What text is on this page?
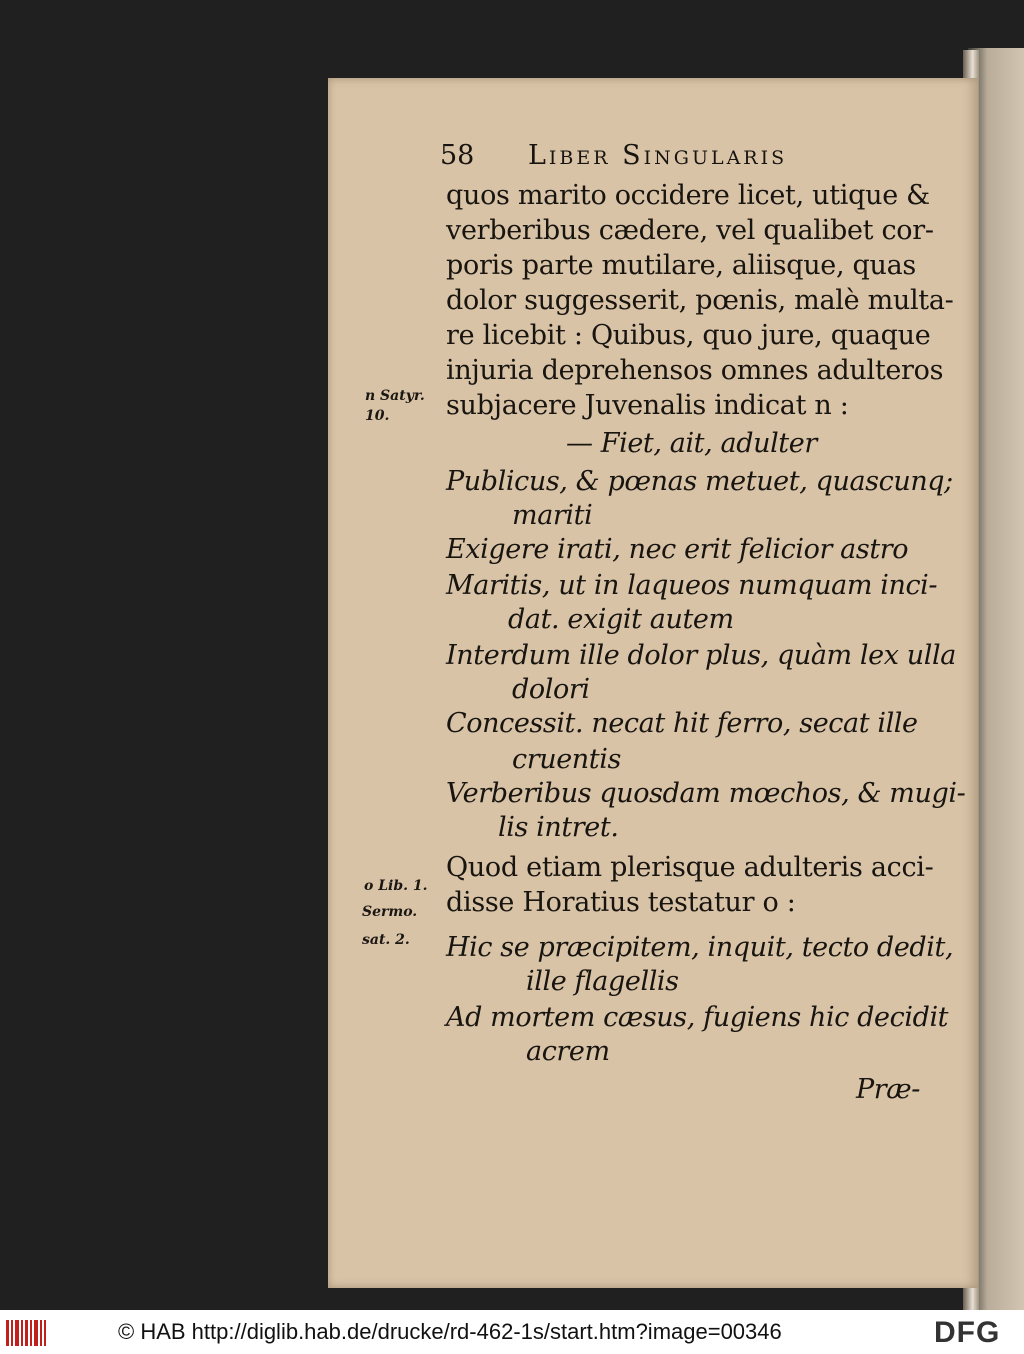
58 Liber Singularis
quos marito occidere licet, utique &
verberibus cædere, vel qualibet cor-
poris parte mutilare, aliisque, quas
dolor suggesserit, pœnis, malè multa-
re licebit : Quibus, quo jure, quaque
injuria deprehensos omnes adulteros
subjacere Juvenalis indicat n :
— Fiet, ait, adulter
Publicus, & pœnas metuet, quascunq;
mariti
Exigere irati, nec erit felicior astro
Maritis, ut in laqueos numquam inci-
dat. exigit autem
Interdum ille dolor plus, quàm lex ulla
dolori
Concessit. necat hit ferro, secat ille
cruentis
Verberibus quosdam mœchos, & mugi-
lis intret.
Quod etiam plerisque adulteris acci-
disse Horatius testatur o :
Hic se præcipitem, inquit, tecto dedit,
ille flagellis
Ad mortem cæsus, fugiens hic decidit
acrem
Præ-
n Satyr.
10.
o Lib. 1.
Sermo.
sat. 2.
© HAB http://diglib.hab.de/drucke/rd-462-1s/start.htm?image=00346	DFG
